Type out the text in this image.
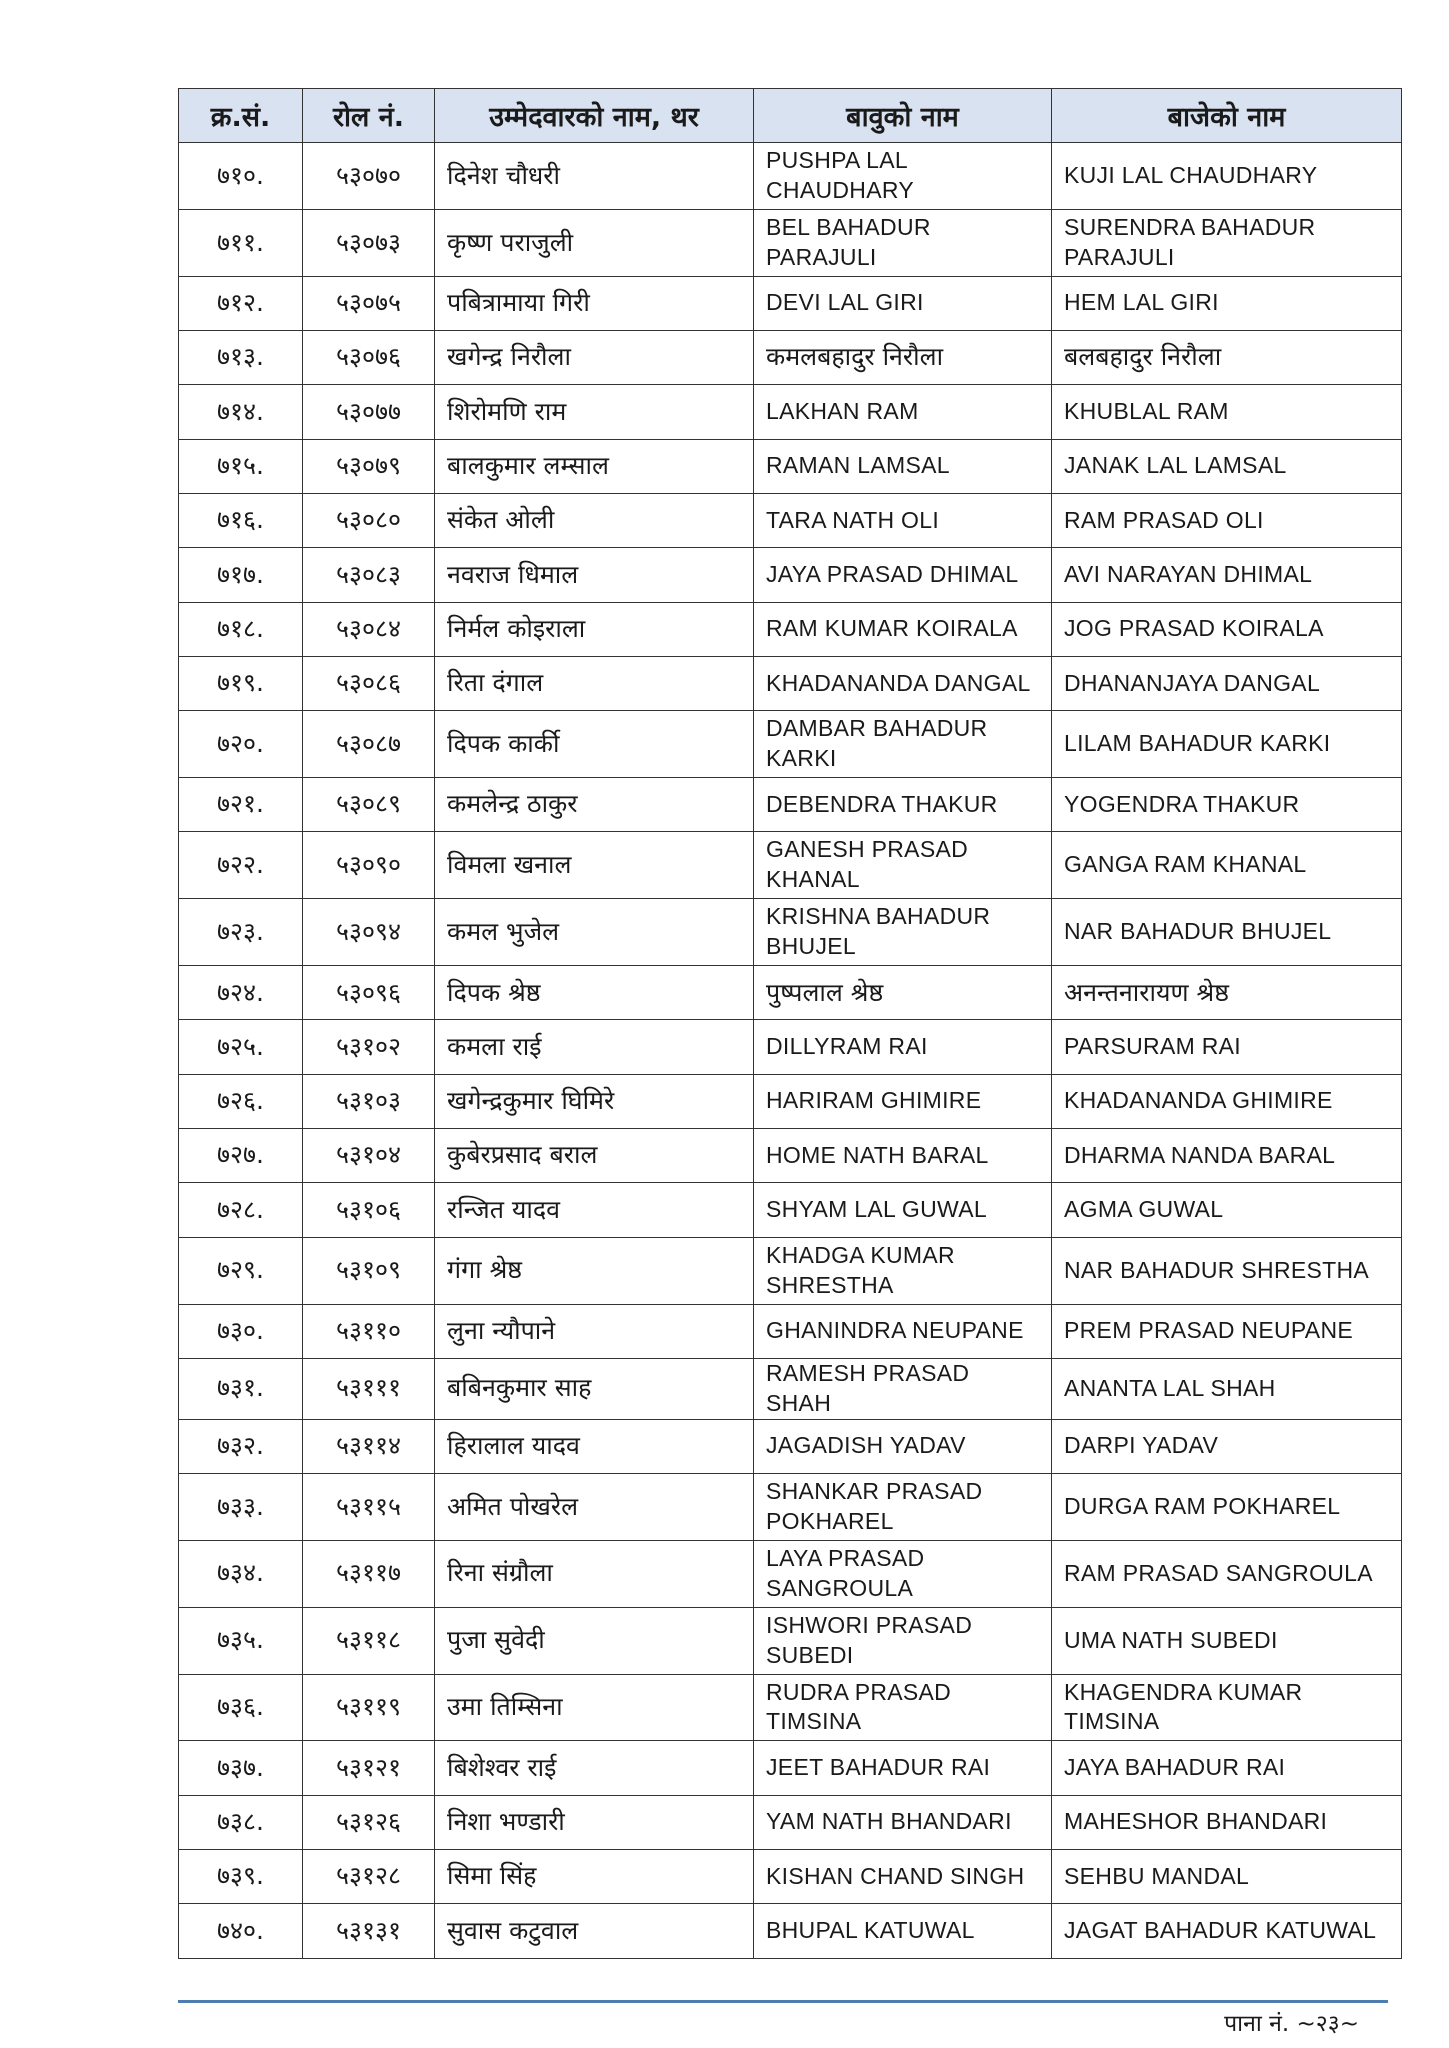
क्र.सं.	रोल नं.	उम्मेदवारको नाम, थर	बावुको नाम	बाजेको नाम
७१०.	५३०७०	दिनेश चौधरी	PUSHPA LAL CHAUDHARY	KUJI LAL CHAUDHARY
७११.	५३०७३	कृष्ण पराजुली	BEL BAHADUR PARAJULI	SURENDRA BAHADUR PARAJULI
७१२.	५३०७५	पबित्रामाया गिरी	DEVI LAL GIRI	HEM LAL GIRI
७१३.	५३०७६	खगेन्द्र निरौला	कमलबहादुर निरौला	बलबहादुर निरौला
७१४.	५३०७७	शिरोमणि राम	LAKHAN RAM	KHUBLAL RAM
७१५.	५३०७९	बालकुमार लम्साल	RAMAN LAMSAL	JANAK LAL LAMSAL
७१६.	५३०८०	संकेत ओली	TARA NATH OLI	RAM PRASAD OLI
७१७.	५३०८३	नवराज धिमाल	JAYA PRASAD DHIMAL	AVI NARAYAN DHIMAL
७१८.	५३०८४	निर्मल कोइराला	RAM KUMAR KOIRALA	JOG PRASAD KOIRALA
७१९.	५३०८६	रिता दंगाल	KHADANANDA DANGAL	DHANANJAYA DANGAL
७२०.	५३०८७	दिपक कार्की	DAMBAR BAHADUR KARKI	LILAM BAHADUR KARKI
७२१.	५३०८९	कमलेन्द्र ठाकुर	DEBENDRA THAKUR	YOGENDRA THAKUR
७२२.	५३०९०	विमला खनाल	GANESH PRASAD KHANAL	GANGA RAM KHANAL
७२३.	५३०९४	कमल भुजेल	KRISHNA BAHADUR BHUJEL	NAR BAHADUR BHUJEL
७२४.	५३०९६	दिपक श्रेष्ठ	पुष्पलाल श्रेष्ठ	अनन्तनारायण श्रेष्ठ
७२५.	५३१०२	कमला राई	DILLYRAM RAI	PARSURAM RAI
७२६.	५३१०३	खगेन्द्रकुमार घिमिरे	HARIRAM GHIMIRE	KHADANANDA GHIMIRE
७२७.	५३१०४	कुबेरप्रसाद बराल	HOME NATH BARAL	DHARMA NANDA BARAL
७२८.	५३१०६	रन्जित यादव	SHYAM LAL GUWAL	AGMA GUWAL
७२९.	५३१०९	गंगा श्रेष्ठ	KHADGA KUMAR SHRESTHA	NAR BAHADUR SHRESTHA
७३०.	५३११०	लुना न्यौपाने	GHANINDRA NEUPANE	PREM PRASAD NEUPANE
७३१.	५३१११	बबिनकुमार साह	RAMESH PRASAD SHAH	ANANTA LAL SHAH
७३२.	५३११४	हिरालाल यादव	JAGADISH YADAV	DARPI YADAV
७३३.	५३११५	अमित पोखरेल	SHANKAR PRASAD POKHAREL	DURGA RAM POKHAREL
७३४.	५३११७	रिना संग्रौला	LAYA PRASAD SANGROULA	RAM PRASAD SANGROULA
७३५.	५३११८	पुजा सुवेदी	ISHWORI PRASAD SUBEDI	UMA NATH SUBEDI
७३६.	५३११९	उमा तिम्सिना	RUDRA PRASAD TIMSINA	KHAGENDRA KUMAR TIMSINA
७३७.	५३१२१	बिशेश्वर राई	JEET BAHADUR RAI	JAYA BAHADUR RAI
७३८.	५३१२६	निशा भण्डारी	YAM NATH BHANDARI	MAHESHOR BHANDARI
७३९.	५३१२८	सिमा सिंह	KISHAN CHAND SINGH	SEHBU MANDAL
७४०.	५३१३१	सुवास कटुवाल	BHUPAL KATUWAL	JAGAT BAHADUR KATUWAL
पाना नं. ~२३~
